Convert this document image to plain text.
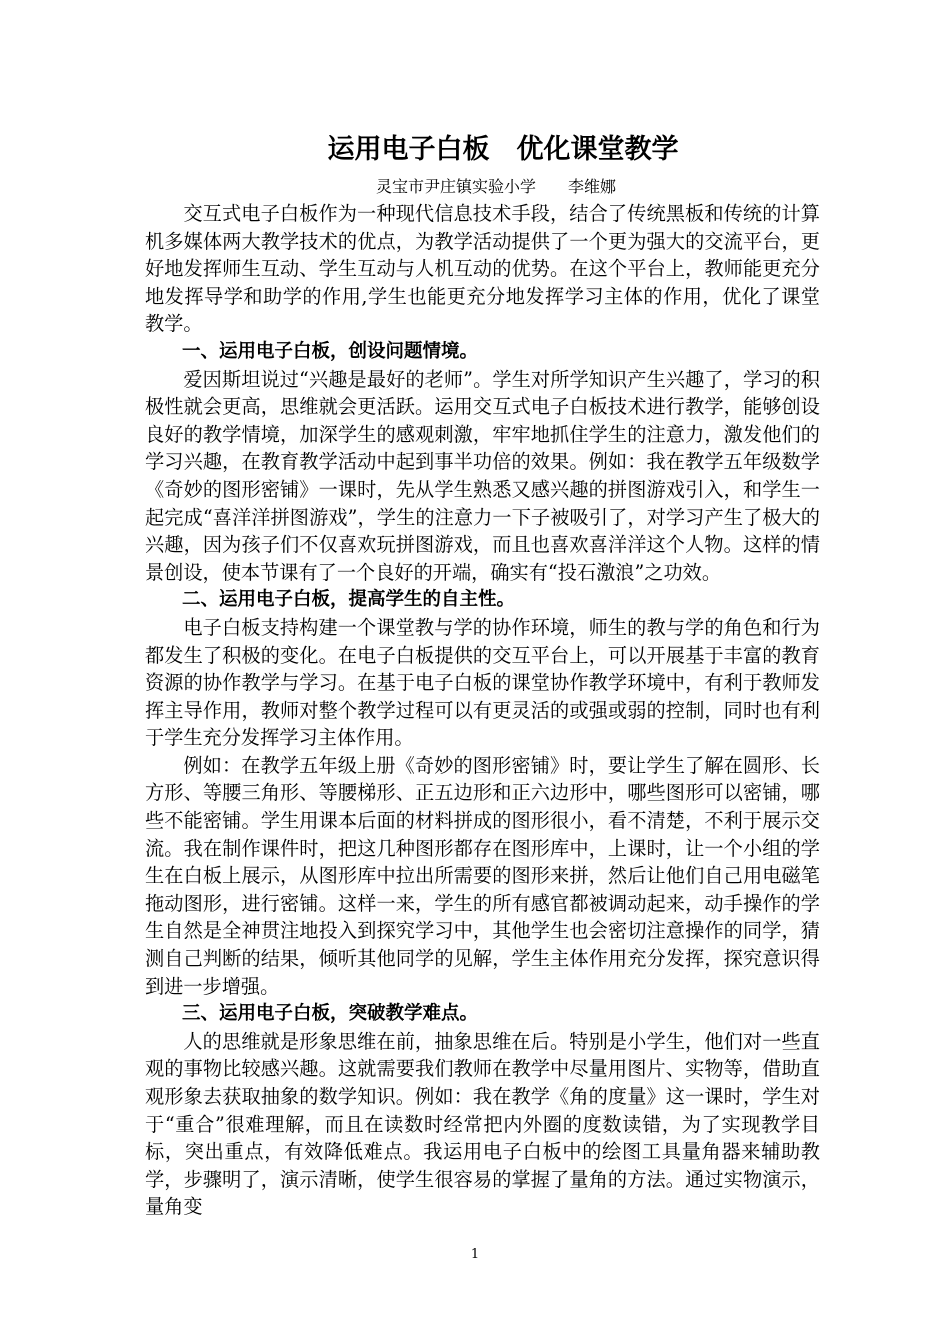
运用电子白板　优化课堂教学
灵宝市尹庄镇实验小学　　李维娜

交互式电子白板作为一种现代信息技术手段，结合了传统黑板和传统的计算机多媒体两大教学技术的优点，为教学活动提供了一个更为强大的交流平台，更好地发挥师生互动、学生互动与人机互动的优势。在这个平台上，教师能更充分地发挥导学和助学的作用,学生也能更充分地发挥学习主体的作用，优化了课堂教学。

一、运用电子白板，创设问题情境。

爱因斯坦说过“兴趣是最好的老师”。学生对所学知识产生兴趣了，学习的积极性就会更高，思维就会更活跃。运用交互式电子白板技术进行教学，能够创设良好的教学情境，加深学生的感观刺激，牢牢地抓住学生的注意力，激发他们的学习兴趣，在教育教学活动中起到事半功倍的效果。例如：我在教学五年级数学《奇妙的图形密铺》一课时，先从学生熟悉又感兴趣的拼图游戏引入，和学生一起完成“喜洋洋拼图游戏”，学生的注意力一下子被吸引了，对学习产生了极大的兴趣，因为孩子们不仅喜欢玩拼图游戏，而且也喜欢喜洋洋这个人物。这样的情景创设，使本节课有了一个良好的开端，确实有“投石激浪”之功效。

二、运用电子白板，提高学生的自主性。

电子白板支持构建一个课堂教与学的协作环境，师生的教与学的角色和行为都发生了积极的变化。在电子白板提供的交互平台上，可以开展基于丰富的教育资源的协作教学与学习。在基于电子白板的课堂协作教学环境中，有利于教师发挥主导作用，教师对整个教学过程可以有更灵活的或强或弱的控制，同时也有利于学生充分发挥学习主体作用。

例如：在教学五年级上册《奇妙的图形密铺》时，要让学生了解在圆形、长方形、等腰三角形、等腰梯形、正五边形和正六边形中，哪些图形可以密铺，哪些不能密铺。学生用课本后面的材料拼成的图形很小，看不清楚，不利于展示交流。我在制作课件时，把这几种图形都存在图形库中，上课时，让一个小组的学生在白板上展示，从图形库中拉出所需要的图形来拼，然后让他们自己用电磁笔拖动图形，进行密铺。这样一来，学生的所有感官都被调动起来，动手操作的学生自然是全神贯注地投入到探究学习中，其他学生也会密切注意操作的同学，猜测自己判断的结果，倾听其他同学的见解，学生主体作用充分发挥，探究意识得到进一步增强。

三、运用电子白板，突破教学难点。

人的思维就是形象思维在前，抽象思维在后。特别是小学生，他们对一些直观的事物比较感兴趣。这就需要我们教师在教学中尽量用图片、实物等，借助直观形象去获取抽象的数学知识。例如：我在教学《角的度量》这一课时，学生对于“重合”很难理解，而且在读数时经常把内外圈的度数读错，为了实现教学目标，突出重点，有效降低难点。我运用电子白板中的绘图工具量角器来辅助教学，步骤明了，演示清晰，使学生很容易的掌握了量角的方法。通过实物演示，量角变

1
